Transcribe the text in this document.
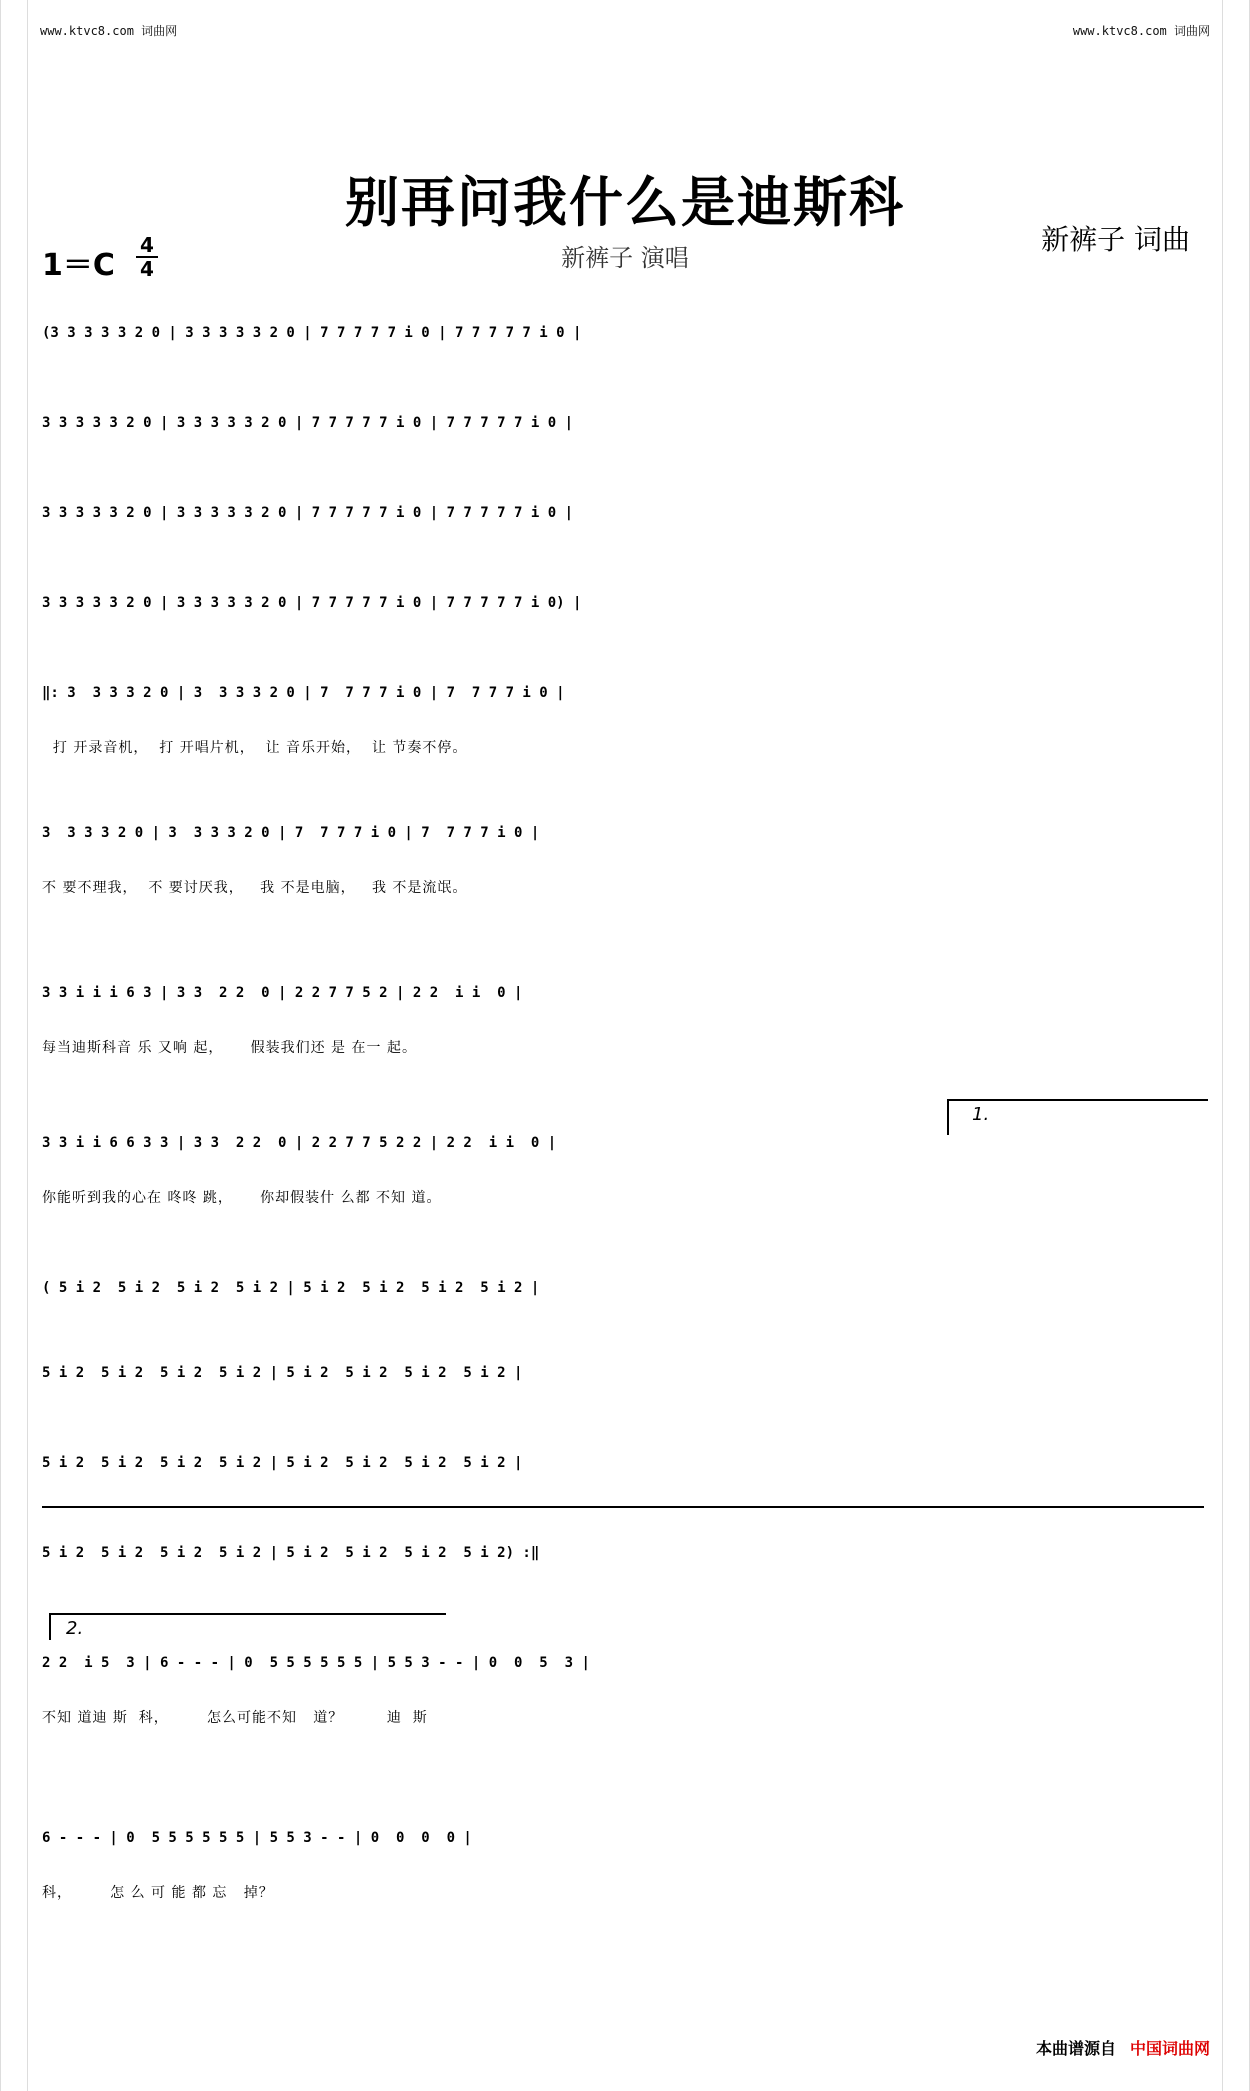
www.ktvc8.com 词曲网	www.ktvc8.com 词曲网
别再问我什么是迪斯科
新裤子 演唱
新裤子 词曲
1＝C
4
4
(3 3 3 3 3 2 0 | 3 3 3 3 3 2 0 | 7 7 7 7 7 i 0 | 7 7 7 7 7 i 0 |
3 3 3 3 3 2 0 | 3 3 3 3 3 2 0 | 7 7 7 7 7 i 0 | 7 7 7 7 7 i 0 |
3 3 3 3 3 2 0 | 3 3 3 3 3 2 0 | 7 7 7 7 7 i 0 | 7 7 7 7 7 i 0 |
3 3 3 3 3 2 0 | 3 3 3 3 3 2 0 | 7 7 7 7 7 i 0 | 7 7 7 7 7 i 0) |
‖: 3  3 3 3 2 0 | 3  3 3 3 2 0 | 7  7 7 7 i 0 | 7  7 7 7 i 0 |
打 开录音机，  打 开唱片机，  让 音乐开始，  让 节奏不停。
3  3 3 3 2 0 | 3  3 3 3 2 0 | 7  7 7 7 i 0 | 7  7 7 7 i 0 |
不 要不理我，  不 要讨厌我，   我 不是电脑，   我 不是流氓。
3 3 i i i 6 3 | 3 3  2 2  0 | 2 2 7 7 5 2 | 2 2  i i  0 |
每当迪斯科音 乐 又响 起，     假装我们还 是 在一 起。
3 3 i i 6 6 3 3 | 3 3  2 2  0 | 2 2 7 7 5 2 2 | 2 2  i i  0 |
你能听到我的心在 咚咚 跳，     你却假装什 么都 不知 道。
( 5 i 2  5 i 2  5 i 2  5 i 2 | 5 i 2  5 i 2  5 i 2  5 i 2 |
5 i 2  5 i 2  5 i 2  5 i 2 | 5 i 2  5 i 2  5 i 2  5 i 2 |
5 i 2  5 i 2  5 i 2  5 i 2 | 5 i 2  5 i 2  5 i 2  5 i 2 |
5 i 2  5 i 2  5 i 2  5 i 2 | 5 i 2  5 i 2  5 i 2  5 i 2) :‖
2 2  i 5  3 | 6 - - - | 0  5 5 5 5 5 5 | 5 5 3 - - | 0  0  5  3 |
不知 道迪 斯  科，       怎么可能不知   道？        迪  斯
6 - - - | 0  5 5 5 5 5 5 | 5 5 3 - - | 0  0  0  0 |
科，       怎 么 可 能 都 忘   掉？
1.
2.
本曲谱源自 中国词曲网
